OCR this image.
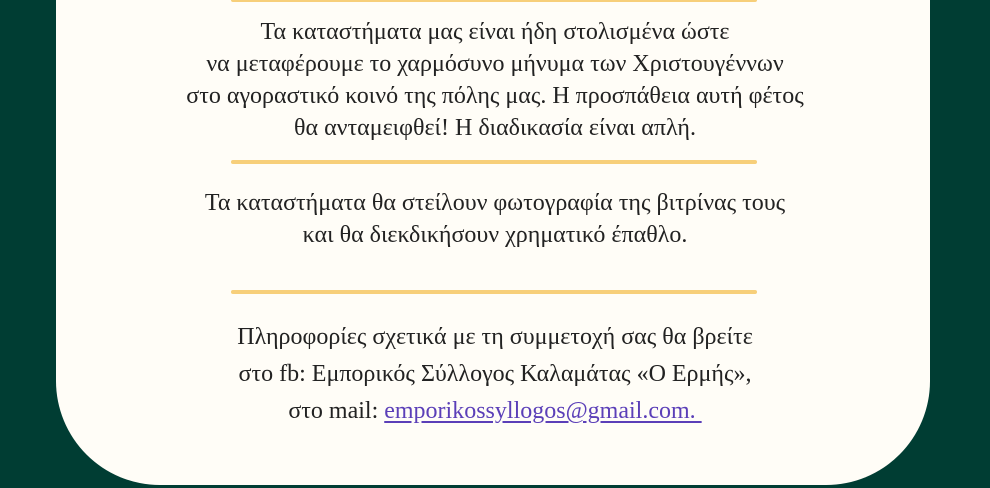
Τα καταστήματα μας είναι ήδη στολισμένα ώστε
να μεταφέρουμε το χαρμόσυνο μήνυμα των Χριστουγέννων
στο αγοραστικό κοινό της πόλης μας. Η προσπάθεια αυτή φέτος
θα ανταμειφθεί! Η διαδικασία είναι απλή.
Τα καταστήματα θα στείλουν φωτογραφία της βιτρίνας τους
και θα διεκδικήσουν χρηματικό έπαθλο.
Πληροφορίες σχετικά με τη συμμετοχή σας θα βρείτε
στο fb: Εμπορικός Σύλλογος Καλαμάτας «Ο Ερμής»,
στο mail: emporikossyllogos@gmail.com.
